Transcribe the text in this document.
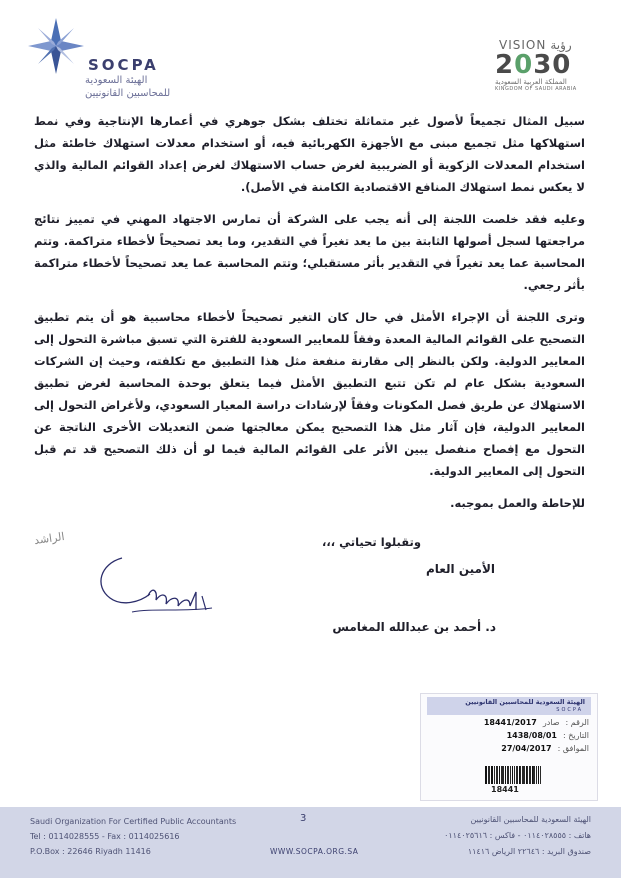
SOCPA
الهيئة السعودية
للمحاسبين القانونيين
VISION رؤية
2030
المملكة العربية السعودية
KINGDOM OF SAUDI ARABIA

سبيل المثال تجميعاً لأصول غير متماثلة تختلف بشكل جوهري في أعمارها الإنتاجية وفي نمط استهلاكها مثل تجميع مبنى مع الأجهزة الكهربائية فيه، أو استخدام معدلات استهلاك خاطئة مثل استخدام المعدلات الزكوية أو الضريبية لغرض حساب الاستهلاك لغرض إعداد القوائم المالية والذي لا يعكس نمط استهلاك المنافع الاقتصادية الكامنة في الأصل).

وعليه فقد خلصت اللجنة إلى أنه يجب على الشركة أن تمارس الاجتهاد المهني في تمييز نتائج مراجعتها لسجل أصولها الثابتة بين ما يعد تغيراً في التقدير، وما يعد تصحيحاً لأخطاء متراكمة. وتتم المحاسبة عما يعد تغيراً في التقدير بأثر مستقبلي؛ وتتم المحاسبة عما يعد تصحيحاً لأخطاء متراكمة بأثر رجعي.

وترى اللجنة أن الإجراء الأمثل في حال كان التغير تصحيحاً لأخطاء محاسبية هو أن يتم تطبيق التصحيح على القوائم المالية المعدة وفقاً للمعايير السعودية للفترة التي تسبق مباشرة التحول إلى المعايير الدولية. ولكن بالنظر إلى مقارنة منفعة مثل هذا التطبيق مع تكلفته، وحيث إن الشركات السعودية بشكل عام لم تكن تتبع التطبيق الأمثل فيما يتعلق بوحدة المحاسبة لغرض تطبيق الاستهلاك عن طريق فصل المكونات وفقاً لإرشادات دراسة المعيار السعودي، ولأغراض التحول إلى المعايير الدولية، فإن آثار مثل هذا التصحيح يمكن معالجتها ضمن التعديلات الأخرى الناتجة عن التحول مع إفصاح منفصل يبين الأثر على القوائم المالية فيما لو أن ذلك التصحيح قد تم قبل التحول إلى المعايير الدولية.

للإحاطة والعمل بموجبه.

الراشد	وتقبلوا تحياتي ،،،
الأمين العام
د. أحمد بن عبدالله المغامس
الهيئة السعودية للمحاسبين القانونيين
SOCPA
الرقم :
صادر
18441/2017
التاريخ :
1438/08/01
الموافق :
27/04/2017
18441
Saudi Organization For Certified Public Accountants
Tel : 0114028555 - Fax : 0114025616
P.O.Box : 22646 Riyadh 11416
3
WWW.SOCPA.ORG.SA
الهيئة السعودية للمحاسبين القانونيين
هاتف : ٠١١٤٠٢٨٥٥٥ - فاكس : ٠١١٤٠٢٥٦١٦
صندوق البريد : ٢٢٦٤٦ الرياض ١١٤١٦
